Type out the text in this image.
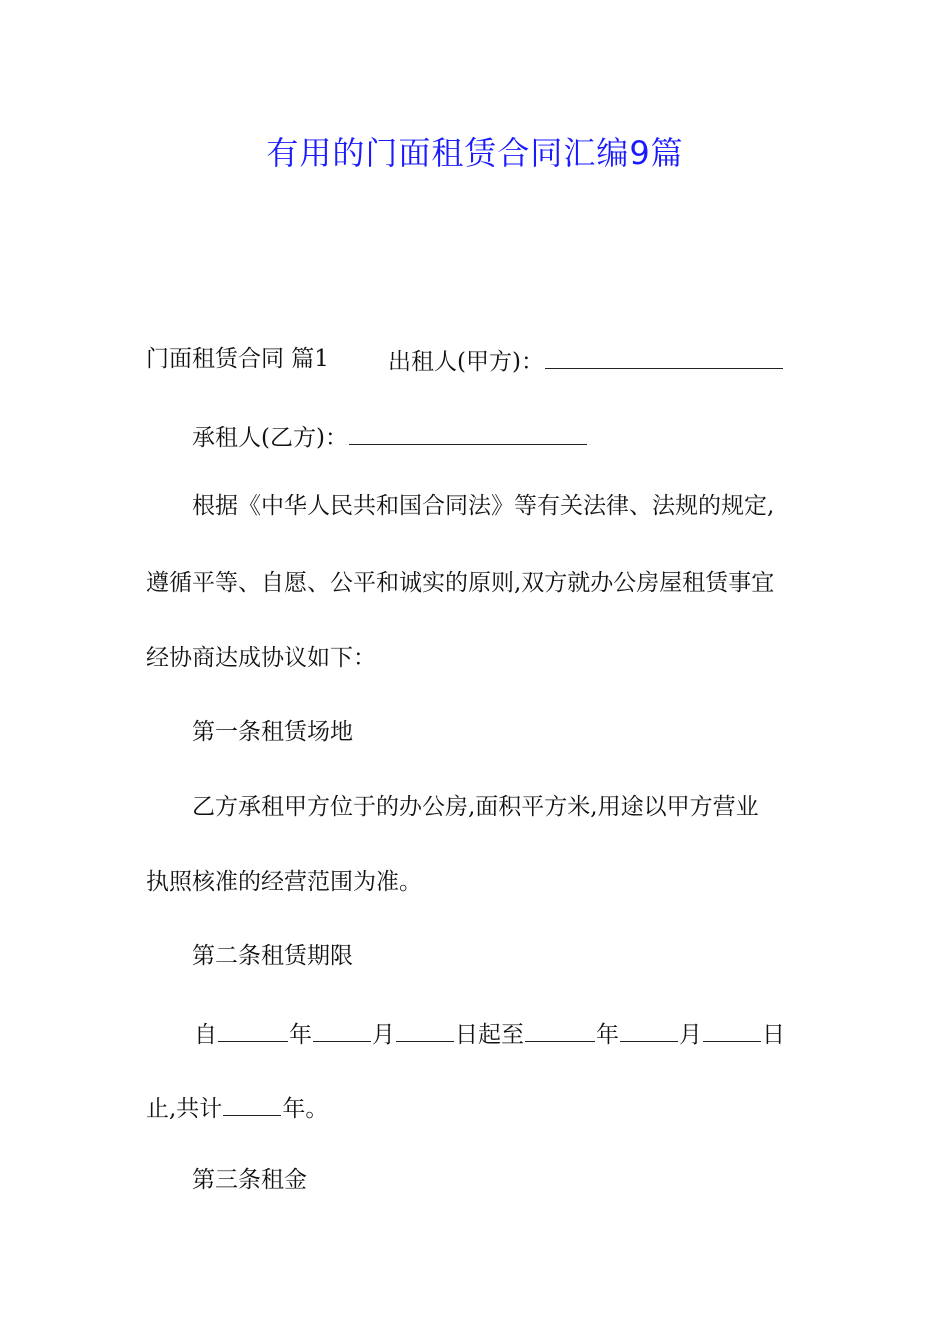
有用的门面租赁合同汇编9篇
门面租赁合同 篇1	出租人(甲方)：
承租人(乙方)：
根据《中华人民共和国合同法》等有关法律、法规的规定,
遵循平等、自愿、公平和诚实的原则,双方就办公房屋租赁事宜
经协商达成协议如下：
第一条租赁场地
乙方承租甲方位于的办公房,面积平方米,用途以甲方营业
执照核准的经营范围为准。
第二条租赁期限
自	年	月	日起至	年	月	日
止,共计	年。
第三条租金
